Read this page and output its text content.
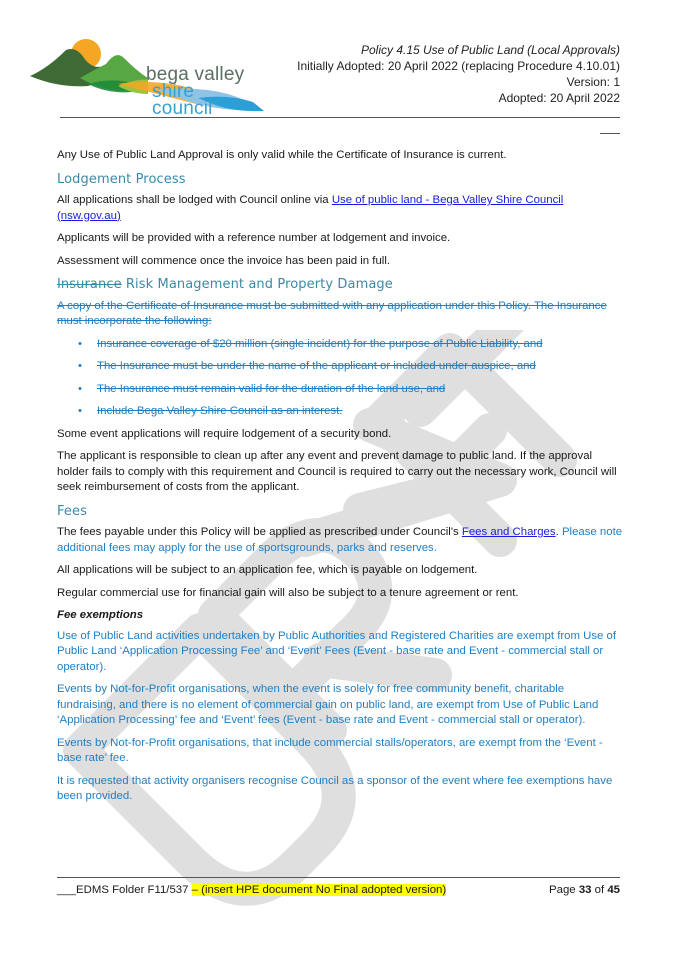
bega valley
shire council
Policy 4.15 Use of Public Land (Local Approvals)
Initially Adopted: 20 April 2022 (replacing Procedure 4.10.01)
Version: 1
Adopted: 20 April 2022

Any Use of Public Land Approval is only valid while the Certificate of Insurance is current.

Lodgement Process

All applications shall be lodged with Council online via Use of public land - Bega Valley Shire Council (nsw.gov.au)

Applicants will be provided with a reference number at lodgement and invoice.

Assessment will commence once the invoice has been paid in full.

Insurance Risk Management and Property Damage

A copy of the Certificate of Insurance must be submitted with any application under this Policy. The Insurance must incorporate the following:

• Insurance coverage of $20 million (single incident) for the purpose of Public Liability, and
• The Insurance must be under the name of the applicant or included under auspice, and
• The Insurance must remain valid for the duration of the land use, and
• Include Bega Valley Shire Council as an interest.

Some event applications will require lodgement of a security bond.

The applicant is responsible to clean up after any event and prevent damage to public land. If the approval holder fails to comply with this requirement and Council is required to carry out the necessary work, Council will seek reimbursement of costs from the applicant.

Fees

The fees payable under this Policy will be applied as prescribed under Council's Fees and Charges. Please note additional fees may apply for the use of sportsgrounds, parks and reserves.

All applications will be subject to an application fee, which is payable on lodgement.

Regular commercial use for financial gain will also be subject to a tenure agreement or rent.

Fee exemptions

Use of Public Land activities undertaken by Public Authorities and Registered Charities are exempt from Use of Public Land ‘Application Processing Fee’ and ‘Event’ Fees (Event - base rate and Event - commercial stall or operator).

Events by Not-for-Profit organisations, when the event is solely for free community benefit, charitable fundraising, and there is no element of commercial gain on public land, are exempt from Use of Public Land ‘Application Processing’ fee and ‘Event’ fees (Event - base rate and Event - commercial stall or operator).

Events by Not-for-Profit organisations, that include commercial stalls/operators, are exempt from the ‘Event - base rate’ fee.

It is requested that activity organisers recognise Council as a sponsor of the event where fee exemptions have been provided.

___EDMS Folder F11/537 – (insert HPE document No Final adopted version)	Page 33 of 45
